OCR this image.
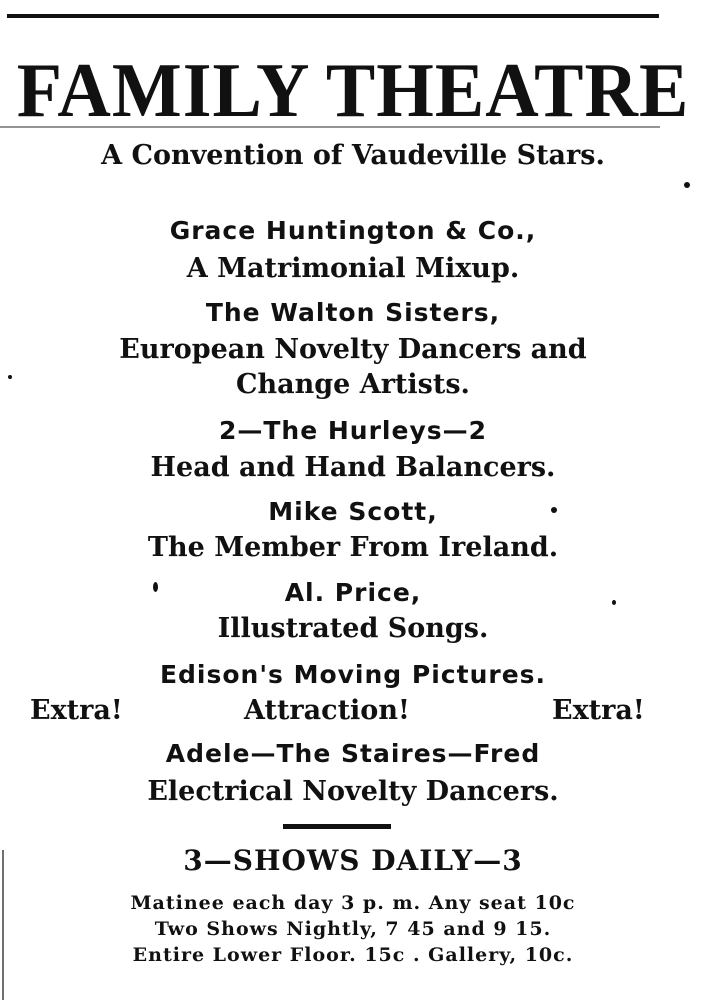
FAMILY THEATRE
A Convention of Vaudeville Stars.
Grace Huntington & Co.,
A Matrimonial Mixup.
The Walton Sisters,
European Novelty Dancers and
Change Artists.
2—The Hurleys—2
Head and Hand Balancers.
Mike Scott,
The Member From Ireland.
Al. Price,
Illustrated Songs.
Edison's Moving Pictures.
Extra!	Attraction!	Extra!
Adele—The Staires—Fred
Electrical Novelty Dancers.
3—SHOWS DAILY—3
Matinee each day 3 p. m. Any seat 10c
Two Shows Nightly, 7 45 and 9 15.
Entire Lower Floor. 15c . Gallery, 10c.
